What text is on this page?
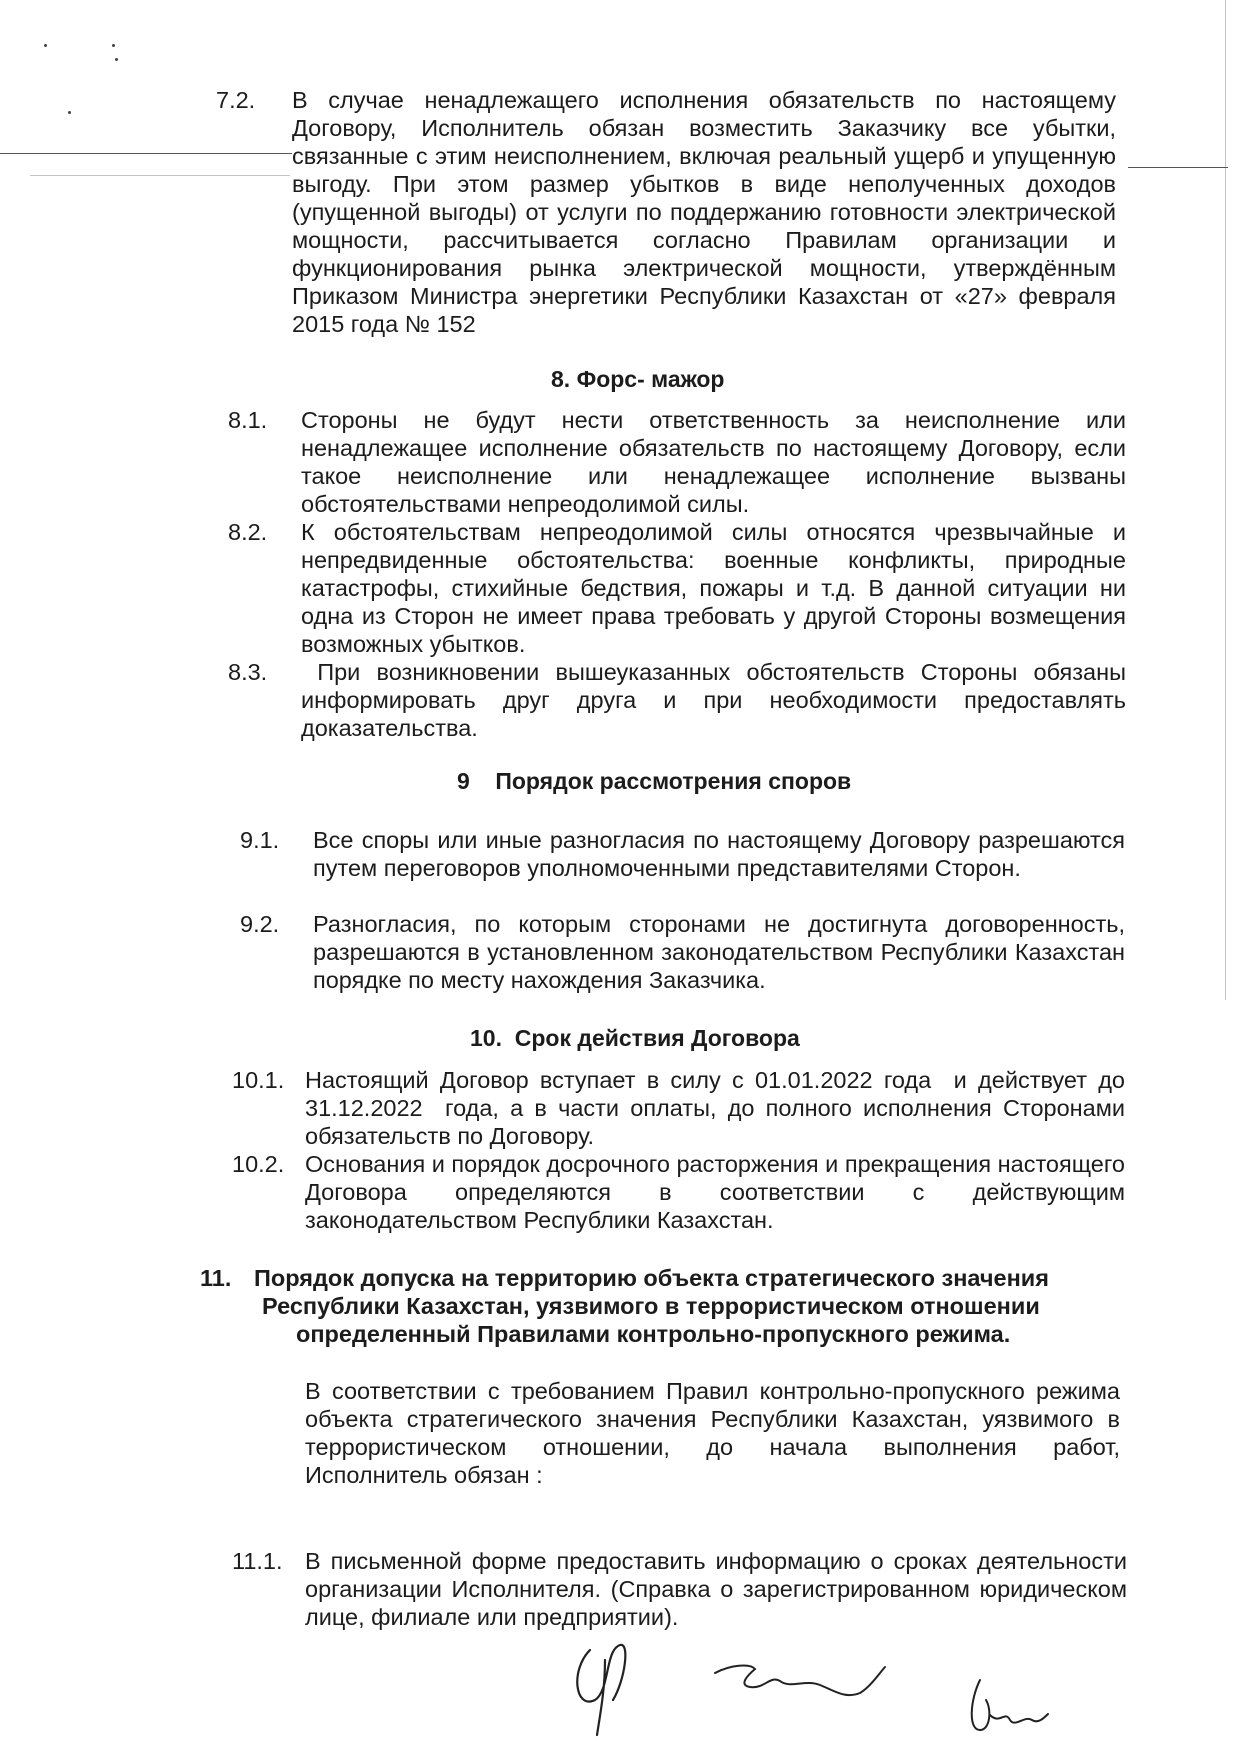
7.2. В случае ненадлежащего исполнения обязательств по настоящему Договору, Исполнитель обязан возместить Заказчику все убытки, связанные с этим неисполнением, включая реальный ущерб и упущенную выгоду. При этом размер убытков в виде неполученных доходов (упущенной выгоды) от услуги по поддержанию готовности электрической мощности, рассчитывается согласно Правилам организации и функционирования рынка электрической мощности, утверждённым Приказом Министра энергетики Республики Казахстан от «27» февраля 2015 года № 152
8. Форс- мажор
8.1. Стороны не будут нести ответственность за неисполнение или ненадлежащее исполнение обязательств по настоящему Договору, если такое неисполнение или ненадлежащее исполнение вызваны обстоятельствами непреодолимой силы.
8.2. К обстоятельствам непреодолимой силы относятся чрезвычайные и непредвиденные обстоятельства: военные конфликты, природные катастрофы, стихийные бедствия, пожары и т.д. В данной ситуации ни одна из Сторон не имеет права требовать у другой Стороны возмещения возможных убытков.
8.3. При возникновении вышеуказанных обстоятельств Стороны обязаны информировать друг друга и при необходимости предоставлять доказательства.
9    Порядок рассмотрения споров
9.1. Все споры или иные разногласия по настоящему Договору разрешаются путем переговоров уполномоченными представителями Сторон.
9.2. Разногласия, по которым сторонами не достигнута договоренность, разрешаются в установленном законодательством Республики Казахстан порядке по месту нахождения Заказчика.
10.  Срок действия Договора
10.1. Настоящий Договор вступает в силу с 01.01.2022 года  и действует до 31.12.2022  года, а в части оплаты, до полного исполнения Сторонами обязательств по Договору.
10.2. Основания и порядок досрочного расторжения и прекращения настоящего Договора определяются в соответствии с действующим законодательством Республики Казахстан.
11. Порядок допуска на территорию объекта стратегического значения
Республики Казахстан, уязвимого в террористическом отношении
определенный Правилами контрольно-пропускного режима.
В соответствии с требованием Правил контрольно-пропускного режима объекта стратегического значения Республики Казахстан, уязвимого в террористическом отношении, до начала выполнения работ,    Исполнитель обязан :
11.1. В письменной форме предоставить информацию о сроках деятельности организации Исполнителя. (Справка о зарегистрированном юридическом лице, филиале или предприятии).
